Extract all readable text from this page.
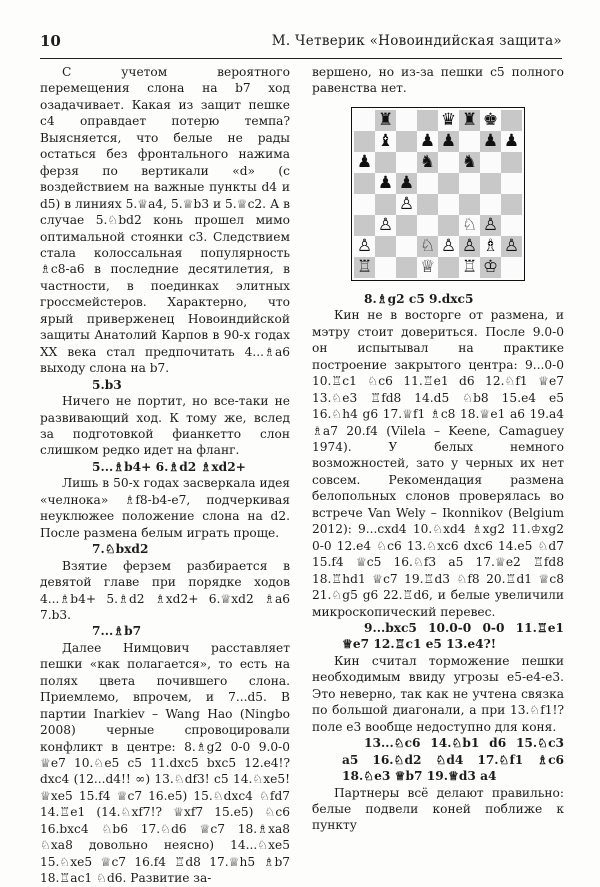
10	М. Четверик «Новоиндийская защита»

С учетом вероятного перемещения слона на b7 ход озадачивает. Какая из защит пешке c4 оправдает потерю темпа? Выясняется, что белые не рады остаться без фронтального нажима ферзя по вертикали «d» (с воздействием на важные пункты d4 и d5) в линиях 5.♕a4, 5.♕b3 и 5.♕c2. А в случае 5.♘bd2 конь прошел мимо оптимальной стоянки c3. Следствием стала колоссальная популярность ♗c8-a6 в последние десятилетия, в частности, в поединках элитных гроссмейстеров. Характерно, что ярый приверженец Новоиндийской защиты Анатолий Карпов в 90-х годах XX века стал предпочитать 4...♗a6 выходу слона на b7.

5.b3

Ничего не портит, но все-таки не развивающий ход. К тому же, вслед за подготовкой фианкетто слон слишком редко идет на фланг.

5...♗b4+ 6.♗d2 ♗xd2+

Лишь в 50-х годах засверкала идея «челнока» ♗f8-b4-e7, подчеркивая неуклюжее положение слона на d2. После размена белым играть проще.

7.♘bxd2

Взятие ферзем разбирается в девятой главе при порядке ходов 4...♗b4+ 5.♗d2 ♗xd2+ 6.♕xd2 ♗a6 7.b3.

7...♗b7

Далее Нимцович расставляет пешки «как полагается», то есть на полях цвета почившего слона. Приемлемо, впрочем, и 7...d5. В партии Inarkiev – Wang Hao (Ningbo 2008) черные спровоцировали конфликт в центре: 8.♗g2 0-0 9.0-0 ♕e7 10.♘e5 c5 11.dxc5 bxc5 12.e4!? dxc4 (12...d4!! ∞) 13.♘df3! c5 14.♘xe5! ♕xe5 15.f4 ♕c7 16.e5) 15.♘dxc4 ♘fd7 14.♖e1 (14.♘xf7!? ♕xf7 15.e5) ♘c6 16.bxc4 ♘b6 17.♘d6 ♕c7 18.♗xa8 ♘xa8 довольно неясно) 14...♘xe5 15.♘xe5 ♕c7 16.f4 ♖d8 17.♕h5 ♗b7 18.♖ac1 ♘d6. Развитие за-

вершено, но из-за пешки c5 полного равенства нет.

♜	♛ ♜ ♚
♝ ♟ ♟ ♟ ♟
♟	♞ ♞
♟ ♟
♙
♙	♘ ♙
♙	♘ ♙ ♙ ♗ ♙
♖	♕ ♖ ♔

8.♗g2 c5 9.dxc5

Кин не в восторге от размена, и мэтру стоит довериться. После 9.0-0 он испытывал на практике построение закрытого центра: 9...0-0 10.♖c1 ♘c6 11.♖e1 d6 12.♘f1 ♕e7 13.♘e3 ♖fd8 14.d5 ♘b8 15.e4 e5 16.♘h4 g6 17.♕f1 ♗c8 18.♕e1 a6 19.a4 ♗a7 20.f4 (Vilela – Keene, Camaguey 1974). У белых немного возможностей, зато у черных их нет совсем. Рекомендация размена белопольных слонов проверялась во встрече Van Wely – Ikonnikov (Belgium 2012): 9...cxd4 10.♘xd4 ♗xg2 11.♔xg2 0-0 12.e4 ♘c6 13.♘xc6 dxc6 14.e5 ♘d7 15.f4 ♕c5 16.♘f3 a5 17.♕e2 ♖fd8 18.♖hd1 ♕c7 19.♖d3 ♘f8 20.♖d1 ♕c8 21.♘g5 g6 22.♖d6, и белые увеличили микроскопический перевес.

9...bxc5 10.0-0 0-0 11.♖e1 ♕e7 12.♖c1 e5 13.e4?!

Кин считал торможение пешки необходимым ввиду угрозы e5-e4-e3. Это неверно, так как не учтена связка по большой диагонали, а при 13.♘f1!? поле e3 вообще недоступно для коня.

13...♘c6 14.♘b1 d6 15.♘c3 a5 16.♘d2 ♘d4 17.♘f1 ♗c6 18.♘e3 ♕b7 19.♕d3 a4

Партнеры всё делают правильно: белые подвели коней поближе к пункту
